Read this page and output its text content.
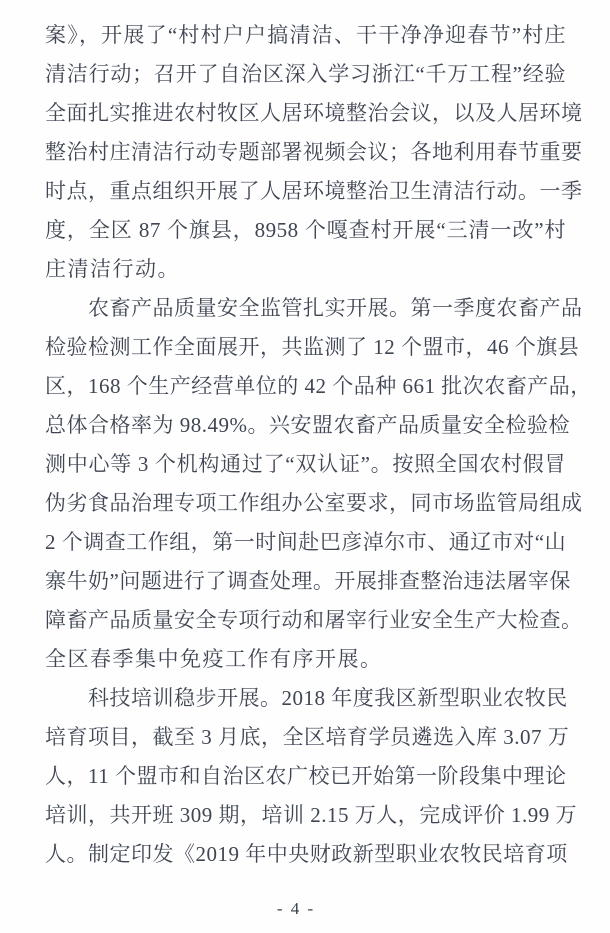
案》，开展了“村村户户搞清洁、干干净净迎春节”村庄
清洁行动；召开了自治区深入学习浙江“千万工程”经验
全面扎实推进农村牧区人居环境整治会议，以及人居环境
整治村庄清洁行动专题部署视频会议；各地利用春节重要
时点，重点组织开展了人居环境整治卫生清洁行动。一季
度，全区 87 个旗县，8958 个嘎查村开展“三清一改”村
庄清洁行动。
农畜产品质量安全监管扎实开展。第一季度农畜产品
检验检测工作全面展开，共监测了 12 个盟市，46 个旗县
区，168 个生产经营单位的 42 个品种 661 批次农畜产品，
总体合格率为 98.49%。兴安盟农畜产品质量安全检验检
测中心等 3 个机构通过了“双认证”。按照全国农村假冒
伪劣食品治理专项工作组办公室要求，同市场监管局组成
2 个调查工作组，第一时间赴巴彦淖尔市、通辽市对“山
寨牛奶”问题进行了调查处理。开展排查整治违法屠宰保
障畜产品质量安全专项行动和屠宰行业安全生产大检查。
全区春季集中免疫工作有序开展。
科技培训稳步开展。2018 年度我区新型职业农牧民
培育项目，截至 3 月底，全区培育学员遴选入库 3.07 万
人，11 个盟市和自治区农广校已开始第一阶段集中理论
培训，共开班 309 期，培训 2.15 万人，完成评价 1.99 万
人。制定印发《2019 年中央财政新型职业农牧民培育项
- 4 -
